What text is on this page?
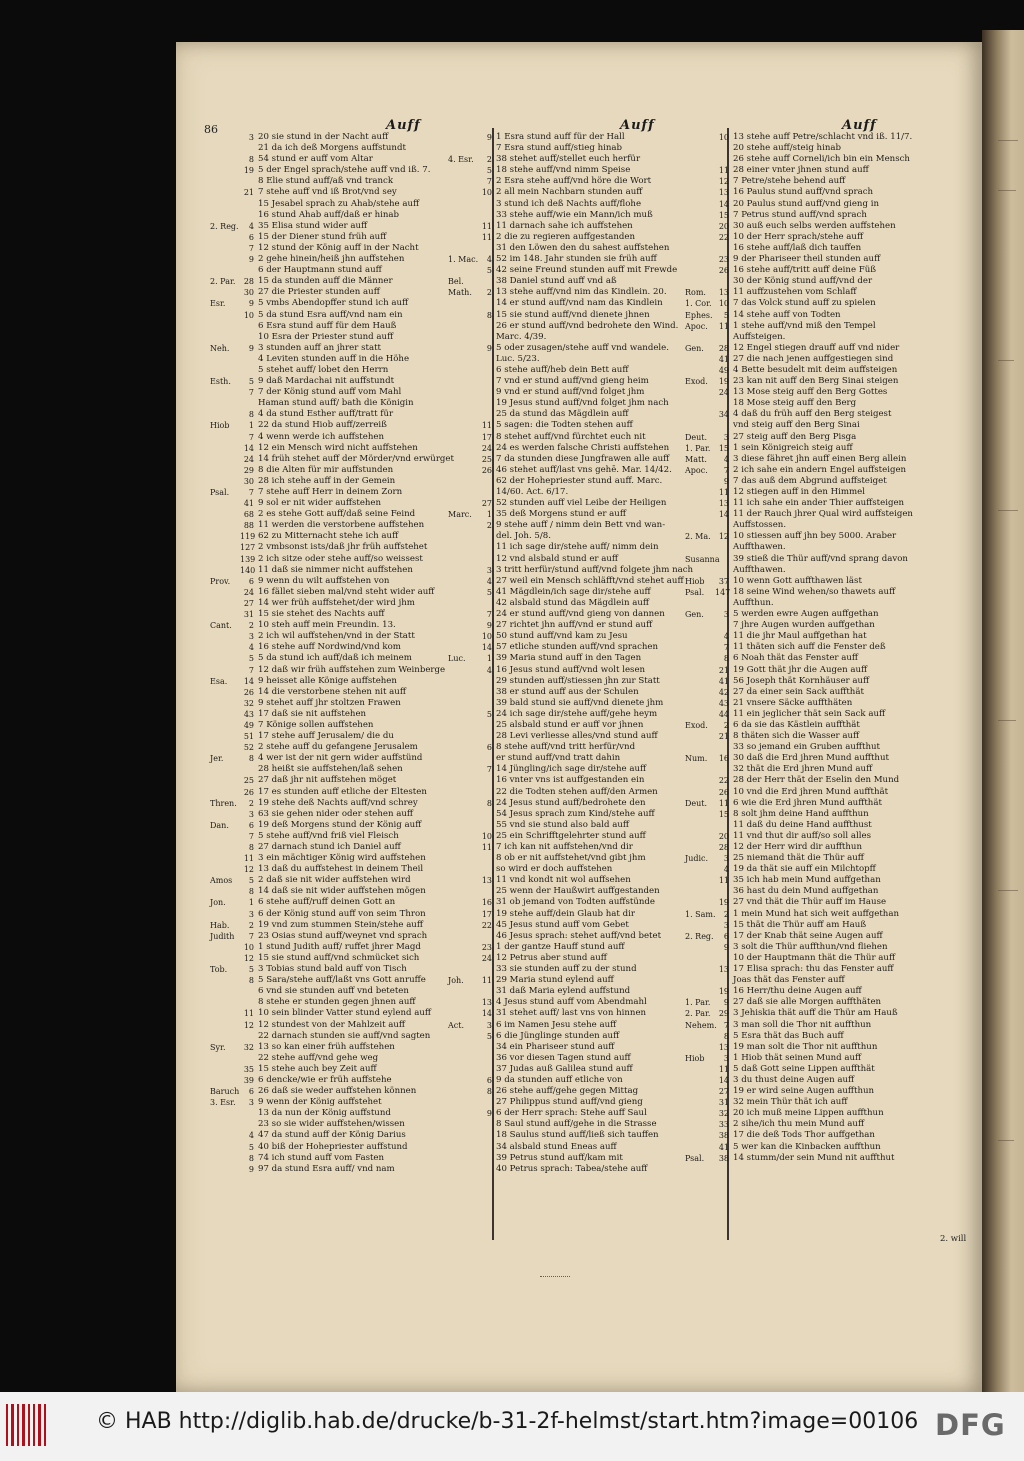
86	Auff	Auff	Auff
3 20 sie stund in der Nacht auff
21 da ich deß Morgens auffstundt
8 54 stund er auff vom Altar
19 5 der Engel sprach/stehe auff vnd iß. 7.
8 Elie stund auff/aß vnd tranck
21 7 stehe auff vnd iß Brot/vnd sey
15 Jesabel sprach zu Ahab/stehe auff
16 stund Ahab auff/daß er hinab
2. Reg.	4 35 Elisa stund wider auff
6 15 der Diener stund früh auff
7 12 stund der König auff in der Nacht
9 2 gehe hinein/heiß jhn auffstehen
6 der Hauptmann stund auff
2. Par.	28 15 da stunden auff die Männer
30 27 die Priester stunden auff
Esr.	9 5 vmbs Abendopffer stund ich auff
10 5 da stund Esra auff/vnd nam ein
6 Esra stund auff für dem Hauß
10 Esra der Priester stund auff
Neh.	9 3 stunden auff an jhrer statt
4 Leviten stunden auff in die Höhe
5 stehet auff/ lobet den Herrn
Esth.	5 9 daß Mardachai nit auffstundt
7 7 der König stund auff vom Mahl
Haman stund auff/ bath die Königin
8 4 da stund Esther auff/tratt für
Hiob	1 22 da stund Hiob auff/zerreiß
7 4 wenn werde ich auffstehen
14 12 ein Mensch wird nicht auffstehen
24 14 früh stehet auff der Mörder/vnd erwürget
29 8 die Alten für mir auffstunden
30 28 ich stehe auff in der Gemein
Psal.	7 7 stehe auff Herr in deinem Zorn
41 9 sol er nit wider auffstehen
68 2 es stehe Gott auff/daß seine Feind
88 11 werden die verstorbene auffstehen
119 62 zu Mitternacht stehe ich auff
127 2 vmbsonst ists/daß jhr früh auffstehet
139 2 ich sitze oder stehe auff/so weissest
140 11 daß sie nimmer nicht auffstehen
Prov.	6 9 wenn du wilt auffstehen von
24 16 fället sieben mal/vnd steht wider auff
27 14 wer früh auffstehet/der wird jhm
31 15 sie stehet des Nachts auff
Cant.	2 10 steh auff mein Freundin. 13.
3 2 ich wil auffstehen/vnd in der Statt
4 16 stehe auff Nordwind/vnd kom
5 5 da stund ich auff/daß ich meinem
7 12 daß wir früh auffstehen zum Weinberge
Esa.	14 9 heisset alle Könige auffstehen
26 14 die verstorbene stehen nit auff
32 9 stehet auff jhr stoltzen Frawen
43 17 daß sie nit auffstehen
49 7 Könige sollen auffstehen
51 17 stehe auff Jerusalem/ die du
52 2 stehe auff du gefangene Jerusalem
Jer.	8 4 wer ist der nit gern wider auffstünd
28 heißt sie auffstehen/laß sehen
25 27 daß jhr nit auffstehen möget
26 17 es stunden auff etliche der Eltesten
Thren.	2 19 stehe deß Nachts auff/vnd schrey
3 63 sie gehen nider oder stehen auff
Dan.	6 19 deß Morgens stund der König auff
7 5 stehe auff/vnd friß viel Fleisch
8 27 darnach stund ich Daniel auff
11 3 ein mächtiger König wird auffstehen
12 13 daß du auffstehest in deinem Theil
Amos	5 2 daß sie nit wider auffstehen wird
8 14 daß sie nit wider auffstehen mögen
Jon.	1 6 stehe auff/ruff deinen Gott an
3 6 der König stund auff von seim Thron
Hab.	2 19 vnd zum stummen Stein/stehe auff
Judith	7 23 Osias stund auff/weynet vnd sprach
10 1 stund Judith auff/ ruffet jhrer Magd
12 15 sie stund auff/vnd schmücket sich
Tob.	5 3 Tobias stund bald auff von Tisch
8 5 Sara/stehe auff/laßt vns Gott anruffe
6 vnd sie stunden auff vnd beteten
8 stehe er stunden gegen jhnen auff
11 10 sein blinder Vatter stund eylend auff
12 12 stundest von der Mahlzeit auff
22 darnach stunden sie auff/vnd sagten
Syr.	32 13 so kan einer früh auffstehen
22 stehe auff/vnd gehe weg
35 15 stehe auch bey Zeit auff
39 6 dencke/wie er früh auffstehe
Baruch	6 26 daß sie weder auffstehen können
3. Esr.	3 9 wenn der König auffstehet
13 da nun der König auffstund
23 so sie wider auffstehen/wissen
4 47 da stund auff der König Darius
5 40 biß der Hohepriester auffstund
8 74 ich stund auff vom Fasten
9 97 da stund Esra auff/ vnd nam
9 1 Esra stund auff für der Hall
7 Esra stund auff/stieg hinab
4. Esr.	2 38 stehet auff/stellet euch herfür
5 18 stehe auff/vnd nimm Speise
7 2 Esra stehe auff/vnd höre die Wort
10 2 all mein Nachbarn stunden auff
3 stund ich deß Nachts auff/flohe
33 stehe auff/wie ein Mann/ich muß
11 11 darnach sahe ich auffstehen
11 2 die zu regieren auffgestanden
31 den Löwen den du sahest auffstehen
1. Mac.	4 52 im 148. Jahr stunden sie früh auff
5 42 seine Freund stunden auff mit Frewde
Bel.	38 Daniel stund auff vnd aß
Math.	2 13 stehe auff/vnd nim das Kindlein. 20.
14 er stund auff/vnd nam das Kindlein
8 15 sie stund auff/vnd dienete jhnen
26 er stund auff/vnd bedrohete den Wind.
Marc. 4/39.
9 5 oder zusagen/stehe auff vnd wandele.
Luc. 5/23.
6 stehe auff/heb dein Bett auff
7 vnd er stund auff/vnd gieng heim
9 vnd er stund auff/vnd folget jhm
19 Jesus stund auff/vnd folget jhm nach
25 da stund das Mägdlein auff
11 5 sagen: die Todten stehen auff
17 8 stehet auff/vnd fürchtet euch nit
24 24 es werden falsche Christi auffstehen
25 7 da stunden diese Jungfrawen alle auff
26 46 stehet auff/last vns gehē. Mar. 14/42.
62 der Hohepriester stund auff. Marc.
14/60. Act. 6/17.
27 52 stunden auff viel Leibe der Heiligen
Marc.	1 35 deß Morgens stund er auff
2 9 stehe auff / nimm dein Bett vnd wan-
del. Joh. 5/8.
11 ich sage dir/stehe auff/ nimm dein
12 vnd alsbald stund er auff
3 3 tritt herfür/stund auff/vnd folgete jhm nach
4 27 weil ein Mensch schläfft/vnd stehet auff
5 41 Mägdlein/ich sage dir/stehe auff
42 alsbald stund das Mägdlein auff
7 24 er stund auff/vnd gieng von dannen
9 27 richtet jhn auff/vnd er stund auff
10 50 stund auff/vnd kam zu Jesu
14 57 etliche stunden auff/vnd sprachen
Luc.	1 39 Maria stund auff in den Tagen
4 16 Jesus stund auff/vnd wolt lesen
29 stunden auff/stiessen jhn zur Statt
38 er stund auff aus der Schulen
39 bald stund sie auff/vnd dienete jhm
5 24 ich sage dir/stehe auff/gehe heym
25 alsbald stund er auff vor jhnen
28 Levi verliesse alles/vnd stund auff
6 8 stehe auff/vnd tritt herfür/vnd
er stund auff/vnd tratt dahin
7 14 Jüngling/ich sage dir/stehe auff
16 vnter vns ist auffgestanden ein
22 die Todten stehen auff/den Armen
8 24 Jesus stund auff/bedrohete den
54 Jesus sprach zum Kind/stehe auff
55 vnd sie stund also bald auff
10 25 ein Schrifftgelehrter stund auff
11 7 ich kan nit auffstehen/vnd dir
8 ob er nit auffstehet/vnd gibt jhm
so wird er doch auffstehen
13 11 vnd kondt nit wol auffsehen
25 wenn der Haußwirt auffgestanden
16 31 ob jemand von Todten auffstünde
17 19 stehe auff/dein Glaub hat dir
22 45 Jesus stund auff vom Gebet
46 Jesus sprach: stehet auff/vnd betet
23 1 der gantze Hauff stund auff
24 12 Petrus aber stund auff
33 sie stunden auff zu der stund
Joh.	11 29 Maria stund eylend auff
31 daß Maria eylend auffstund
13 4 Jesus stund auff vom Abendmahl
14 31 stehet auff/ last vns von hinnen
Act.	3 6 im Namen Jesu stehe auff
5 6 die Jünglinge stunden auff
34 ein Phariseer stund auff
36 vor diesen Tagen stund auff
37 Judas auß Galilea stund auff
6 9 da stunden auff etliche von
8 26 stehe auff/gehe gegen Mittag
27 Philippus stund auff/vnd gieng
9 6 der Herr sprach: Stehe auff Saul
8 Saul stund auff/gehe in die Strasse
18 Saulus stund auff/ließ sich tauffen
34 alsbald stund Eneas auff
39 Petrus stund auff/kam mit
40 Petrus sprach: Tabea/stehe auff
10 13 stehe auff Petre/schlacht vnd iß. 11/7.
20 stehe auff/steig hinab
26 stehe auff Corneli/ich bin ein Mensch
11 28 einer vnter jhnen stund auff
12 7 Petre/stehe behend auff
13 16 Paulus stund auff/vnd sprach
14 20 Paulus stund auff/vnd gieng in
15 7 Petrus stund auff/vnd sprach
20 30 auß euch selbs werden auffstehen
22 10 der Herr sprach/stehe auff
16 stehe auff/laß dich tauffen
23 9 der Phariseer theil stunden auff
26 16 stehe auff/tritt auff deine Füß
30 der König stund auff/vnd der
Rom.	13 11 auffzustehen vom Schlaff
1. Cor. 10 7 das Volck stund auff zu spielen
Ephes.	5 14 stehe auff von Todten
Apoc.	11 1 stehe auff/vnd miß den Tempel
Auffsteigen.
Gen.	28 12 Engel stiegen drauff auff vnd nider
41 27 die nach jenen auffgestiegen sind
49 4 Bette besudelt mit deim auffsteigen
Exod.	19 23 kan nit auff den Berg Sinai steigen
24 13 Mose steig auff den Berg Gottes
18 Mose steig auff den Berg
34 4 daß du früh auff den Berg steigest
vnd steig auff den Berg Sinai
Deut.	3 27 steig auff den Berg Pisga
1. Par.	15 1 sein Königreich steig auff
Matt.	4 3 diese fähret jhn auff einen Berg allein
Apoc.	7 2 ich sahe ein andern Engel auffsteigen
9 7 das auß dem Abgrund auffsteiget
11 12 stiegen auff in den Himmel
13 11 ich sahe ein ander Thier auffsteigen
14 11 der Rauch jhrer Qual wird auffsteigen
Auffstossen.
2. Ma.	12 10 stiessen auff jhn bey 5000. Araber
Auffthawen.
Susanna 39 stieß die Thür auff/vnd sprang davon
Auffthawen.
Hiob	37 10 wenn Gott auffthawen läst
Psal.	147 18 seine Wind wehen/so thawets auff
Auffthun.
Gen.	3 5 werden ewre Augen auffgethan
7 jhre Augen wurden auffgethan
4 11 die jhr Maul auffgethan hat
7 11 thäten sich auff die Fenster deß
8 6 Noah thät das Fenster auff
21 19 Gott thät jhr die Augen auff
41 56 Joseph thät Kornhäuser auff
42 27 da einer sein Sack auffthät
43 21 vnsere Säcke auffthäten
44 11 ein jeglicher thät sein Sack auff
Exod.	2 6 da sie das Kästlein auffthät
21 8 thäten sich die Wasser auff
33 so jemand ein Gruben auffthut
Num.	16 30 daß die Erd jhren Mund auffthut
32 thät die Erd jhren Mund auff
22 28 der Herr thät der Eselin den Mund
26 10 vnd die Erd jhren Mund auffthät
Deut.	11 6 wie die Erd jhren Mund auffthät
15 8 solt jhm deine Hand auffthun
11 daß du deine Hand auffthust
20 11 vnd thut dir auff/so soll alles
28 12 der Herr wird dir auffthun
Judic.	3 25 niemand thät die Thür auff
4 19 da thät sie auff ein Milchtopff
11 35 ich hab mein Mund auffgethan
36 hast du dein Mund auffgethan
19 27 vnd thät die Thür auff im Hause
1. Sam.	2 1 mein Mund hat sich weit auffgethan
3 15 thät die Thür auff am Hauß
2. Reg.	6 17 der Knab thät seine Augen auff
9 3 solt die Thür auffthun/vnd fliehen
10 der Hauptmann thät die Thür auff
13 17 Elisa sprach: thu das Fenster auff
Joas thät das Fenster auff
19 16 Herr/thu deine Augen auff
1. Par.	9 27 daß sie alle Morgen auffthäten
2. Par.	29 3 Jehiskia thät auff die Thür am Hauß
Nehem. 7 3 man soll die Thor nit auffthun
8 5 Esra thät das Buch auff
13 19 man solt die Thor nit auffthun
Hiob	3 1 Hiob thät seinen Mund auff
11 5 daß Gott seine Lippen auffthät
14 3 du thust deine Augen auff
27 19 er wird seine Augen auffthun
31 32 mein Thür thät ich auff
32 20 ich muß meine Lippen auffthun
33 2 sihe/ich thu mein Mund auff
38 17 die deß Tods Thor auffgethan
41 5 wer kan die Kinbacken auffthun
Psal.	38 14 stumm/der sein Mund nit auffthut
2. will
© HAB http://diglib.hab.de/drucke/b-31-2f-helmst/start.htm?image=00106 DFG
